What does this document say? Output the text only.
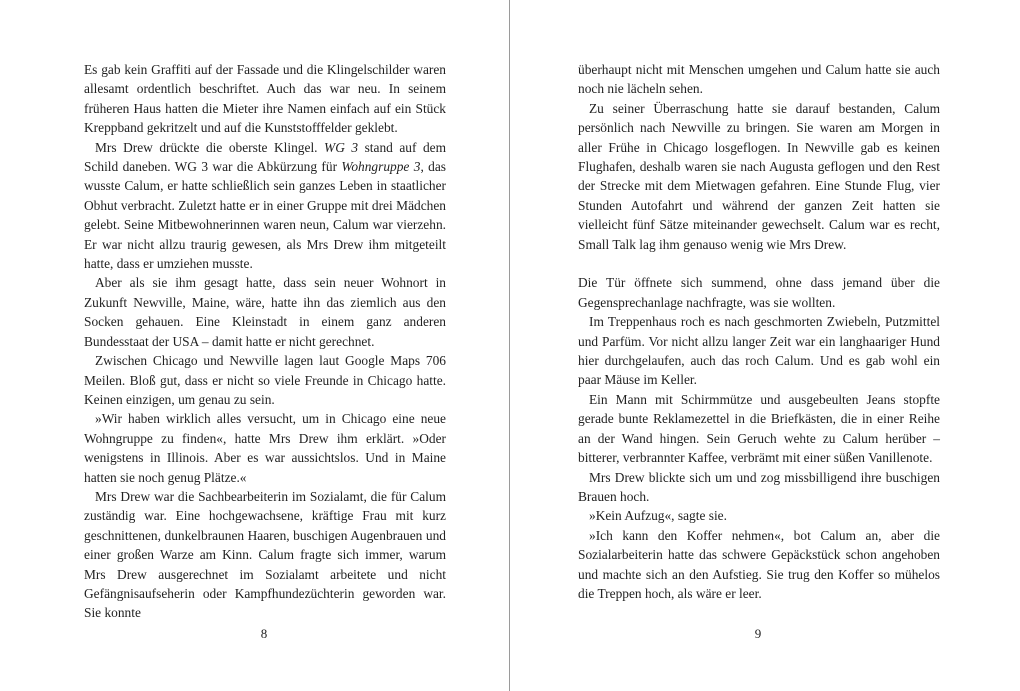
Es gab kein Graffiti auf der Fassade und die Klingelschilder waren allesamt ordentlich beschriftet. Auch das war neu. In seinem früheren Haus hatten die Mieter ihre Namen einfach auf ein Stück Kreppband gekritzelt und auf die Kunststofffelder geklebt.

Mrs Drew drückte die oberste Klingel. WG 3 stand auf dem Schild daneben. WG 3 war die Abkürzung für Wohngruppe 3, das wusste Calum, er hatte schließlich sein ganzes Leben in staatlicher Obhut verbracht. Zuletzt hatte er in einer Gruppe mit drei Mädchen gelebt. Seine Mitbewohnerinnen waren neun, Calum war vierzehn. Er war nicht allzu traurig gewesen, als Mrs Drew ihm mitgeteilt hatte, dass er umziehen musste.

Aber als sie ihm gesagt hatte, dass sein neuer Wohnort in Zukunft Newville, Maine, wäre, hatte ihn das ziemlich aus den Socken gehauen. Eine Kleinstadt in einem ganz anderen Bundesstaat der USA – damit hatte er nicht gerechnet.

Zwischen Chicago und Newville lagen laut Google Maps 706 Meilen. Bloß gut, dass er nicht so viele Freunde in Chicago hatte. Keinen einzigen, um genau zu sein.

»Wir haben wirklich alles versucht, um in Chicago eine neue Wohngruppe zu finden«, hatte Mrs Drew ihm erklärt. »Oder wenigstens in Illinois. Aber es war aussichtslos. Und in Maine hatten sie noch genug Plätze.«

Mrs Drew war die Sachbearbeiterin im Sozialamt, die für Calum zuständig war. Eine hochgewachsene, kräftige Frau mit kurz geschnittenen, dunkelbraunen Haaren, buschigen Augenbrauen und einer großen Warze am Kinn. Calum fragte sich immer, warum Mrs Drew ausgerechnet im Sozialamt arbeitete und nicht Gefängnisaufseherin oder Kampfhundezüchterin geworden war. Sie konnte

8

überhaupt nicht mit Menschen umgehen und Calum hatte sie auch noch nie lächeln sehen.

Zu seiner Überraschung hatte sie darauf bestanden, Calum persönlich nach Newville zu bringen. Sie waren am Morgen in aller Frühe in Chicago losgeflogen. In Newville gab es keinen Flughafen, deshalb waren sie nach Augusta geflogen und den Rest der Strecke mit dem Mietwagen gefahren. Eine Stunde Flug, vier Stunden Autofahrt und während der ganzen Zeit hatten sie vielleicht fünf Sätze miteinander gewechselt. Calum war es recht, Small Talk lag ihm genauso wenig wie Mrs Drew.

Die Tür öffnete sich summend, ohne dass jemand über die Gegensprechanlage nachfragte, was sie wollten.

Im Treppenhaus roch es nach geschmorten Zwiebeln, Putzmittel und Parfüm. Vor nicht allzu langer Zeit war ein langhaariger Hund hier durchgelaufen, auch das roch Calum. Und es gab wohl ein paar Mäuse im Keller.

Ein Mann mit Schirmmütze und ausgebeulten Jeans stopfte gerade bunte Reklamezettel in die Briefkästen, die in einer Reihe an der Wand hingen. Sein Geruch wehte zu Calum herüber – bitterer, verbrannter Kaffee, verbrämt mit einer süßen Vanillenote.

Mrs Drew blickte sich um und zog missbilligend ihre buschigen Brauen hoch.

»Kein Aufzug«, sagte sie.

»Ich kann den Koffer nehmen«, bot Calum an, aber die Sozialarbeiterin hatte das schwere Gepäckstück schon angehoben und machte sich an den Aufstieg. Sie trug den Koffer so mühelos die Treppen hoch, als wäre er leer.

9
